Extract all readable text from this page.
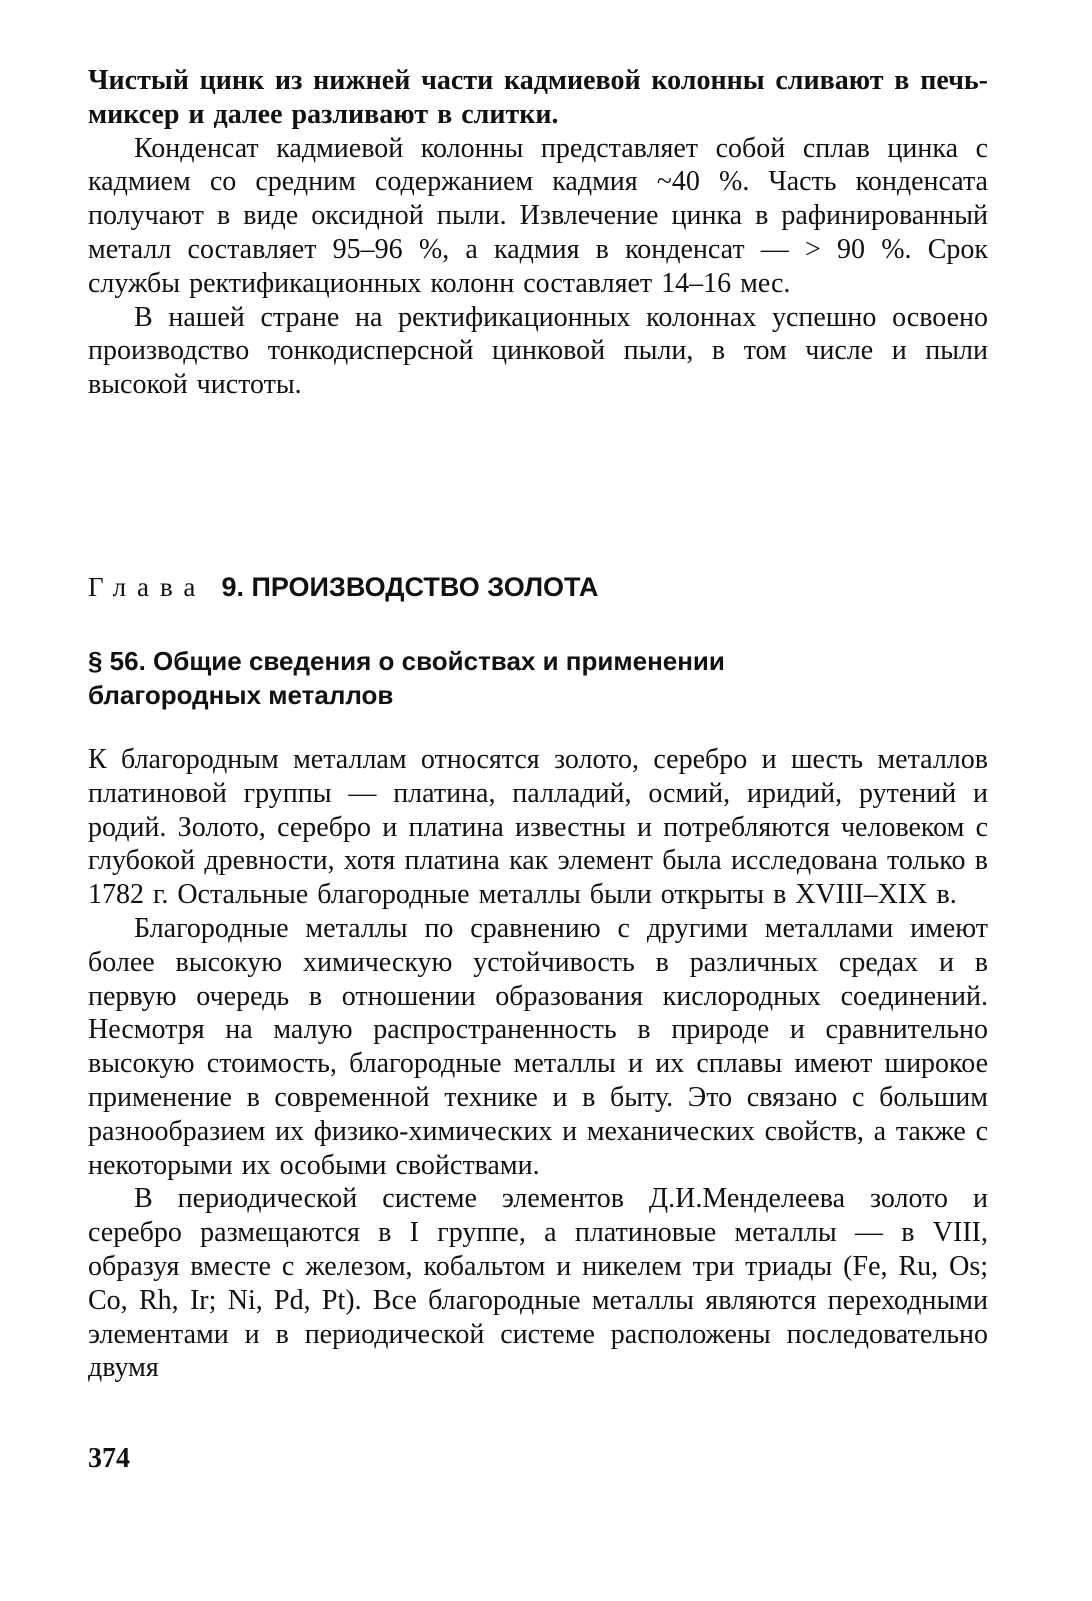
Чистый цинк из нижней части кадмиевой колонны сливают в печь-миксер и далее разливают в слитки.

Конденсат кадмиевой колонны представляет собой сплав цинка с кадмием со средним содержанием кадмия ~40 %. Часть конденсата получают в виде оксидной пыли. Извлечение цинка в рафинированный металл составляет 95–96 %, а кадмия в конденсат — > 90 %. Срок службы ректификационных колонн составляет 14–16 мес.

В нашей стране на ректификационных колоннах успешно освоено производство тонкодисперсной цинковой пыли, в том числе и пыли высокой чистоты.

Глава 9. ПРОИЗВОДСТВО ЗОЛОТА
§ 56. Общие сведения о свойствах и применении
благородных металлов

К благородным металлам относятся золото, серебро и шесть металлов платиновой группы — платина, палладий, осмий, иридий, рутений и родий. Золото, серебро и платина известны и потребляются человеком с глубокой древности, хотя платина как элемент была исследована только в 1782 г. Остальные благородные металлы были открыты в XVIII–XIX в.

Благородные металлы по сравнению с другими металлами имеют более высокую химическую устойчивость в различных средах и в первую очередь в отношении образования кислородных соединений. Несмотря на малую распространенность в природе и сравнительно высокую стоимость, благородные металлы и их сплавы имеют широкое применение в современной технике и в быту. Это связано с большим разнообразием их физико-химических и механических свойств, а также с некоторыми их особыми свойствами.

В периодической системе элементов Д.И.Менделеева золото и серебро размещаются в I группе, а платиновые металлы — в VIII, образуя вместе с железом, кобальтом и никелем три триады (Fe, Ru, Os; Co, Rh, Ir; Ni, Pd, Pt). Все благородные металлы являются переходными элементами и в периодической системе расположены последовательно двумя

374
